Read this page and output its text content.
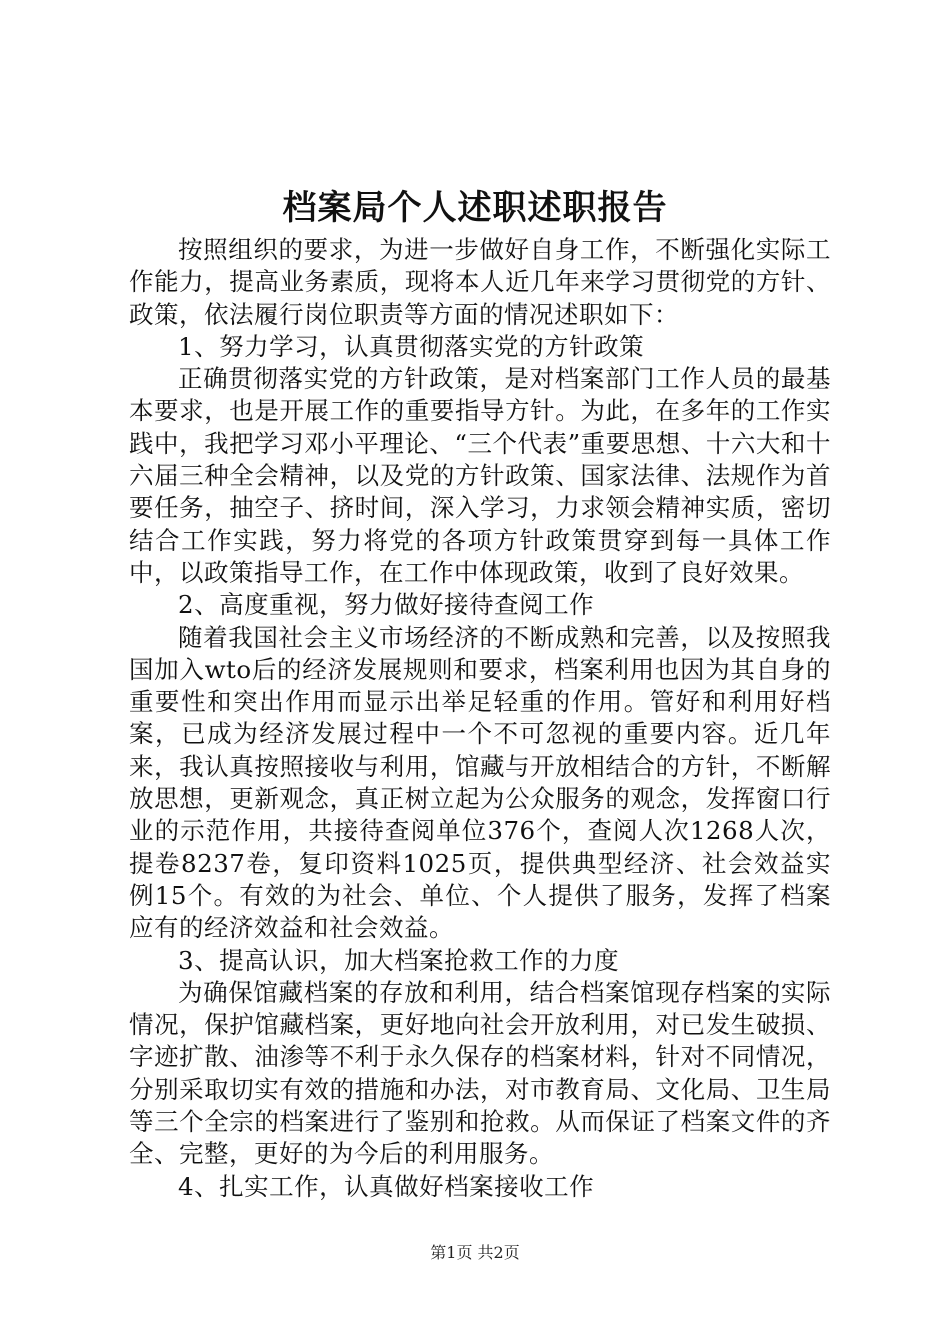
档案局个人述职述职报告

按照组织的要求，为进一步做好自身工作，不断强化实际工作能力，提高业务素质，现将本人近几年来学习贯彻党的方针、政策，依法履行岗位职责等方面的情况述职如下：

1、努力学习，认真贯彻落实党的方针政策

正确贯彻落实党的方针政策，是对档案部门工作人员的最基本要求，也是开展工作的重要指导方针。为此，在多年的工作实践中，我把学习邓小平理论、“三个代表”重要思想、十六大和十六届三种全会精神，以及党的方针政策、国家法律、法规作为首要任务，抽空子、挤时间，深入学习，力求领会精神实质，密切结合工作实践，努力将党的各项方针政策贯穿到每一具体工作中，以政策指导工作，在工作中体现政策，收到了良好效果。

2、高度重视，努力做好接待查阅工作

随着我国社会主义市场经济的不断成熟和完善，以及按照我国加入wto后的经济发展规则和要求，档案利用也因为其自身的重要性和突出作用而显示出举足轻重的作用。管好和利用好档案，已成为经济发展过程中一个不可忽视的重要内容。近几年来，我认真按照接收与利用，馆藏与开放相结合的方针，不断解放思想，更新观念，真正树立起为公众服务的观念，发挥窗口行业的示范作用，共接待查阅单位376个，查阅人次1268人次，提卷8237卷，复印资料1025页，提供典型经济、社会效益实例15个。有效的为社会、单位、个人提供了服务，发挥了档案应有的经济效益和社会效益。

3、提高认识，加大档案抢救工作的力度

为确保馆藏档案的存放和利用，结合档案馆现存档案的实际情况，保护馆藏档案，更好地向社会开放利用，对已发生破损、字迹扩散、油渗等不利于永久保存的档案材料，针对不同情况，分别采取切实有效的措施和办法，对市教育局、文化局、卫生局等三个全宗的档案进行了鉴别和抢救。从而保证了档案文件的齐全、完整，更好的为今后的利用服务。

4、扎实工作，认真做好档案接收工作

第1页 共2页
